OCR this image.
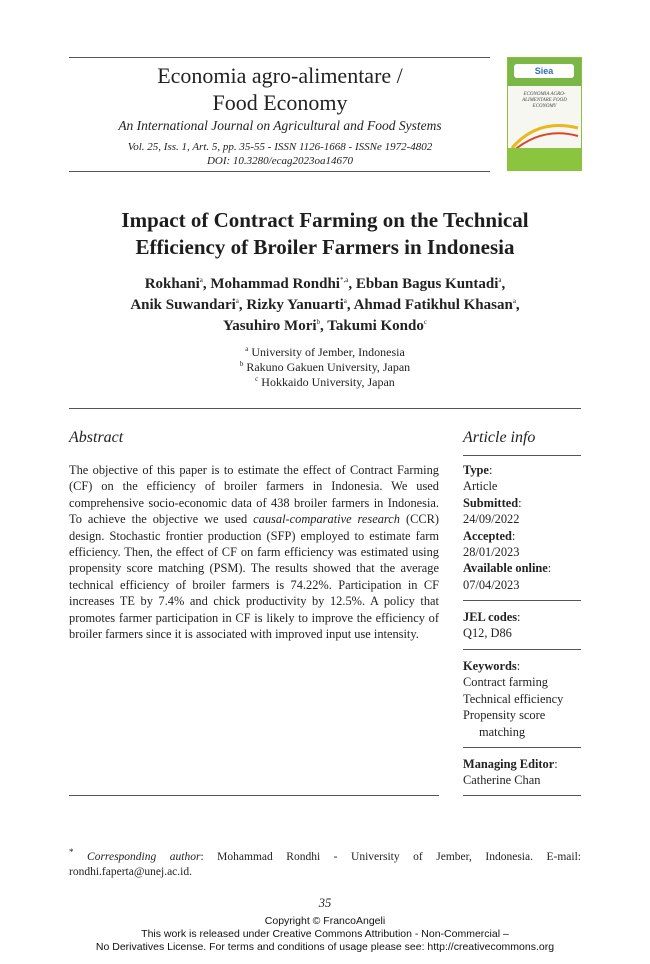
Economia agro-alimentare /
Food Economy
An International Journal on Agricultural and Food Systems
Vol. 25, Iss. 1, Art. 5, pp. 35-55 - ISSN 1126-1668 - ISSNe 1972-4802
DOI: 10.3280/ecag2023oa14670
Siea
ECONOMIA AGRO-ALIMENTARE FOOD ECONOMY
Impact of Contract Farming on the Technical
Efficiency of Broiler Farmers in Indonesia
Rokhani$^a$, Mohammad Rondhi$^{*,a}$, Ebban Bagus Kuntadi$^a$,
Anik Suwandari$^a$, Rizky Yanuarti$^a$, Ahmad Fatikhul Khasan$^a$,
Yasuhiro Mori$^b$, Takumi Kondo$^c$
$^a$ University of Jember, Indonesia
$^b$ Rakuno Gakuen University, Japan
$^c$ Hokkaido University, Japan
Abstract
The objective of this paper is to estimate the effect of Contract Farming (CF) on the efficiency of broiler farmers in Indonesia. We used comprehensive socio-economic data of 438 broiler farmers in Indonesia. To achieve the objective we used causal-comparative research (CCR) design. Stochastic frontier production (SFP) employed to estimate farm efficiency. Then, the effect of CF on farm efficiency was estimated using propensity score matching (PSM). The results showed that the average technical efficiency of broiler farmers is 74.22%. Participation in CF increases TE by 7.4% and chick productivity by 12.5%. A policy that promotes farmer participation in CF is likely to improve the efficiency of broiler farmers since it is associated with improved input use intensity.
Article info
Type:
Article
Submitted:
24/09/2022
Accepted:
28/01/2023
Available online:
07/04/2023
JEL codes:
Q12, D86
Keywords:
Contract farming
Technical efficiency
Propensity score
matching
Managing Editor:
Catherine Chan
* Corresponding author: Mohammad Rondhi - University of Jember, Indonesia. E-mail: rondhi.faperta@unej.ac.id.
35
Copyright © FrancoAngeli
This work is released under Creative Commons Attribution - Non-Commercial –
No Derivatives License. For terms and conditions of usage please see: http://creativecommons.org
